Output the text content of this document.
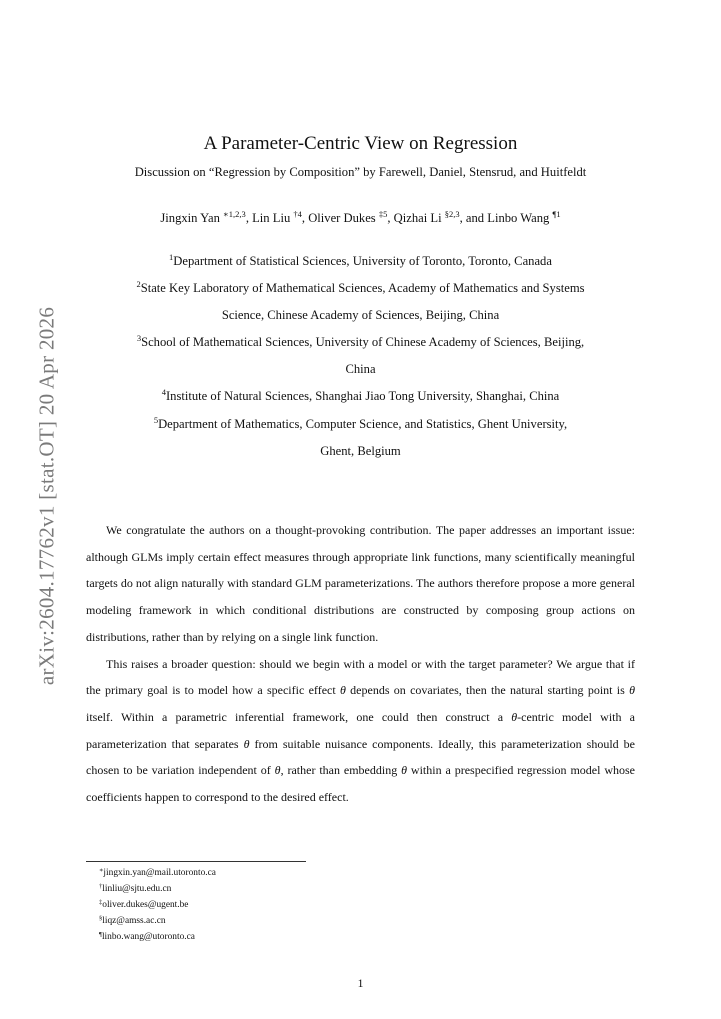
arXiv:2604.17762v1 [stat.OT] 20 Apr 2026
A Parameter-Centric View on Regression
Discussion on “Regression by Composition” by Farewell, Daniel, Stensrud, and Huitfeldt
Jingxin Yan $^{∗1,2,3}$, Lin Liu $^{\dagger 4}$, Oliver Dukes $^{\ddagger 5}$, Qizhai Li $^{\S 2,3}$, and Linbo Wang $^{\P 1}$
$^1$Department of Statistical Sciences, University of Toronto, Toronto, Canada
$^2$State Key Laboratory of Mathematical Sciences, Academy of Mathematics and Systems
Science, Chinese Academy of Sciences, Beijing, China
$^3$School of Mathematical Sciences, University of Chinese Academy of Sciences, Beijing,
China
$^4$Institute of Natural Sciences, Shanghai Jiao Tong University, Shanghai, China
$^5$Department of Mathematics, Computer Science, and Statistics, Ghent University,
Ghent, Belgium

We congratulate the authors on a thought-provoking contribution. The paper addresses an important issue: although GLMs imply certain effect measures through appropriate link functions, many scientifically meaningful targets do not align naturally with standard GLM parameterizations. The authors therefore propose a more general modeling framework in which conditional distributions are constructed by composing group actions on distributions, rather than by relying on a single link function.

This raises a broader question: should we begin with a model or with the target parameter? We argue that if the primary goal is to model how a specific effect θ depends on covariates, then the natural starting point is θ itself. Within a parametric inferential framework, one could then construct a θ-centric model with a parameterization that separates θ from suitable nuisance components. Ideally, this parameterization should be chosen to be variation independent of θ, rather than embedding θ within a prespecified regression model whose coefficients happen to correspond to the desired effect.

∗jingxin.yan@mail.utoronto.ca
†linliu@sjtu.edu.cn
‡oliver.dukes@ugent.be
§liqz@amss.ac.cn
¶linbo.wang@utoronto.ca
1
